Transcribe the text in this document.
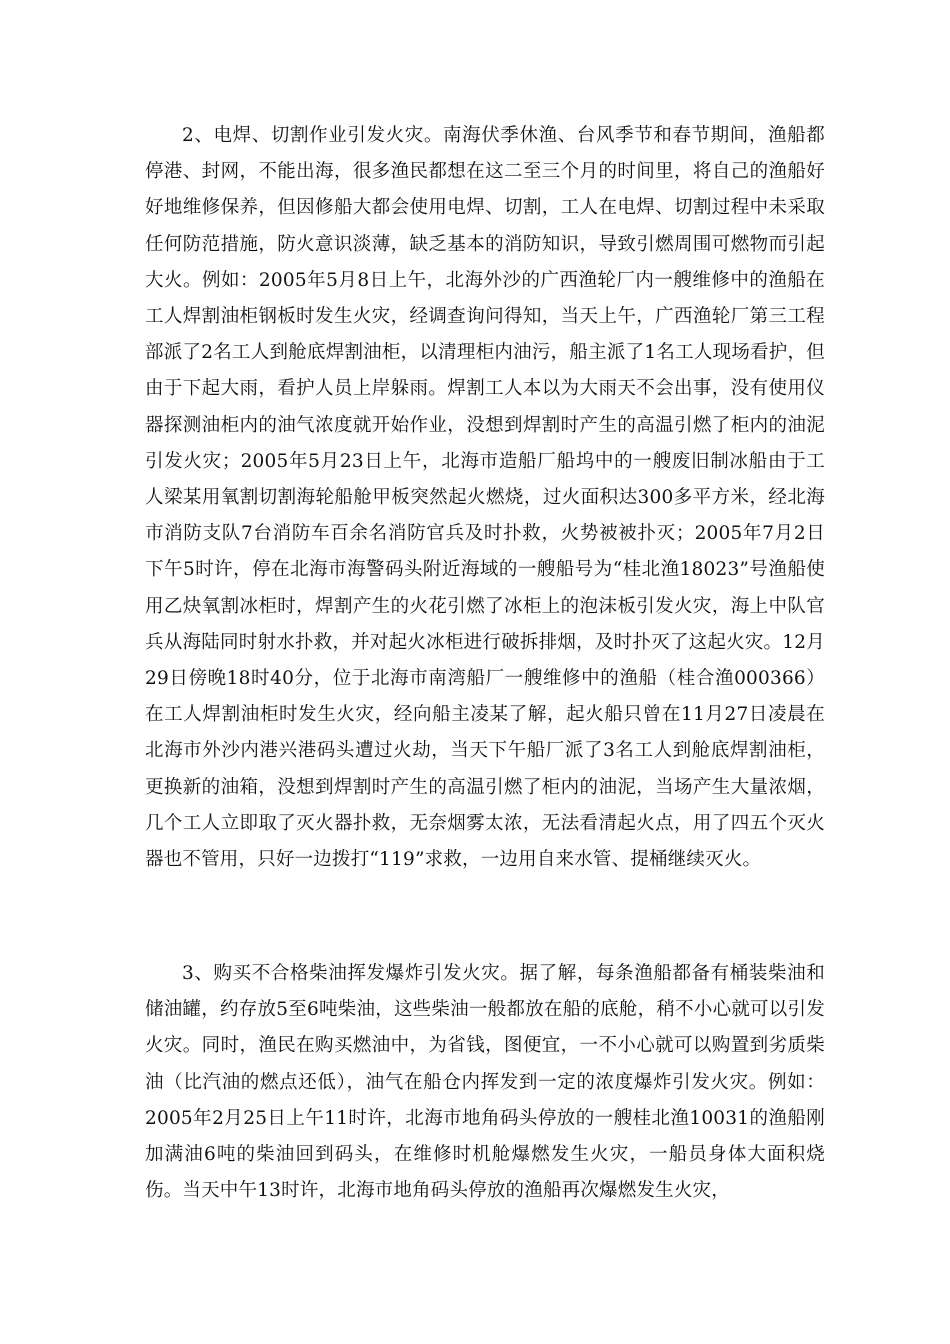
2、电焊、切割作业引发火灾。南海伏季休渔、台风季节和春节期间，渔船都停港、封网，不能出海，很多渔民都想在这二至三个月的时间里，将自己的渔船好好地维修保养，但因修船大都会使用电焊、切割，工人在电焊、切割过程中未采取任何防范措施，防火意识淡薄，缺乏基本的消防知识，导致引燃周围可燃物而引起大火。例如：2005年5月8日上午，北海外沙的广西渔轮厂内一艘维修中的渔船在工人焊割油柜钢板时发生火灾，经调查询问得知，当天上午，广西渔轮厂第三工程部派了2名工人到舱底焊割油柜，以清理柜内油污，船主派了1名工人现场看护，但由于下起大雨，看护人员上岸躲雨。焊割工人本以为大雨天不会出事，没有使用仪器探测油柜内的油气浓度就开始作业，没想到焊割时产生的高温引燃了柜内的油泥引发火灾；2005年5月23日上午，北海市造船厂船坞中的一艘废旧制冰船由于工人梁某用氧割切割海轮船舱甲板突然起火燃烧，过火面积达300多平方米，经北海市消防支队7台消防车百余名消防官兵及时扑救，火势被被扑灭；2005年7月2日下午5时许，停在北海市海警码头附近海域的一艘船号为“桂北渔18023”号渔船使用乙炔氧割冰柜时，焊割产生的火花引燃了冰柜上的泡沫板引发火灾，海上中队官兵从海陆同时射水扑救，并对起火冰柜进行破拆排烟，及时扑灭了这起火灾。12月29日傍晚18时40分，位于北海市南湾船厂一艘维修中的渔船（桂合渔000366）在工人焊割油柜时发生火灾，经向船主凌某了解，起火船只曾在11月27日凌晨在北海市外沙内港兴港码头遭过火劫，当天下午船厂派了3名工人到舱底焊割油柜，更换新的油箱，没想到焊割时产生的高温引燃了柜内的油泥，当场产生大量浓烟，几个工人立即取了灭火器扑救，无奈烟雾太浓，无法看清起火点，用了四五个灭火器也不管用，只好一边拨打“119”求救，一边用自来水管、提桶继续灭火。

3、购买不合格柴油挥发爆炸引发火灾。据了解，每条渔船都备有桶装柴油和储油罐，约存放5至6吨柴油，这些柴油一般都放在船的底舱，稍不小心就可以引发火灾。同时，渔民在购买燃油中，为省钱，图便宜，一不小心就可以购置到劣质柴油（比汽油的燃点还低），油气在船仓内挥发到一定的浓度爆炸引发火灾。例如：2005年2月25日上午11时许，北海市地角码头停放的一艘桂北渔10031的渔船刚加满油6吨的柴油回到码头，在维修时机舱爆燃发生火灾，一船员身体大面积烧伤。当天中午13时许，北海市地角码头停放的渔船再次爆燃发生火灾，
